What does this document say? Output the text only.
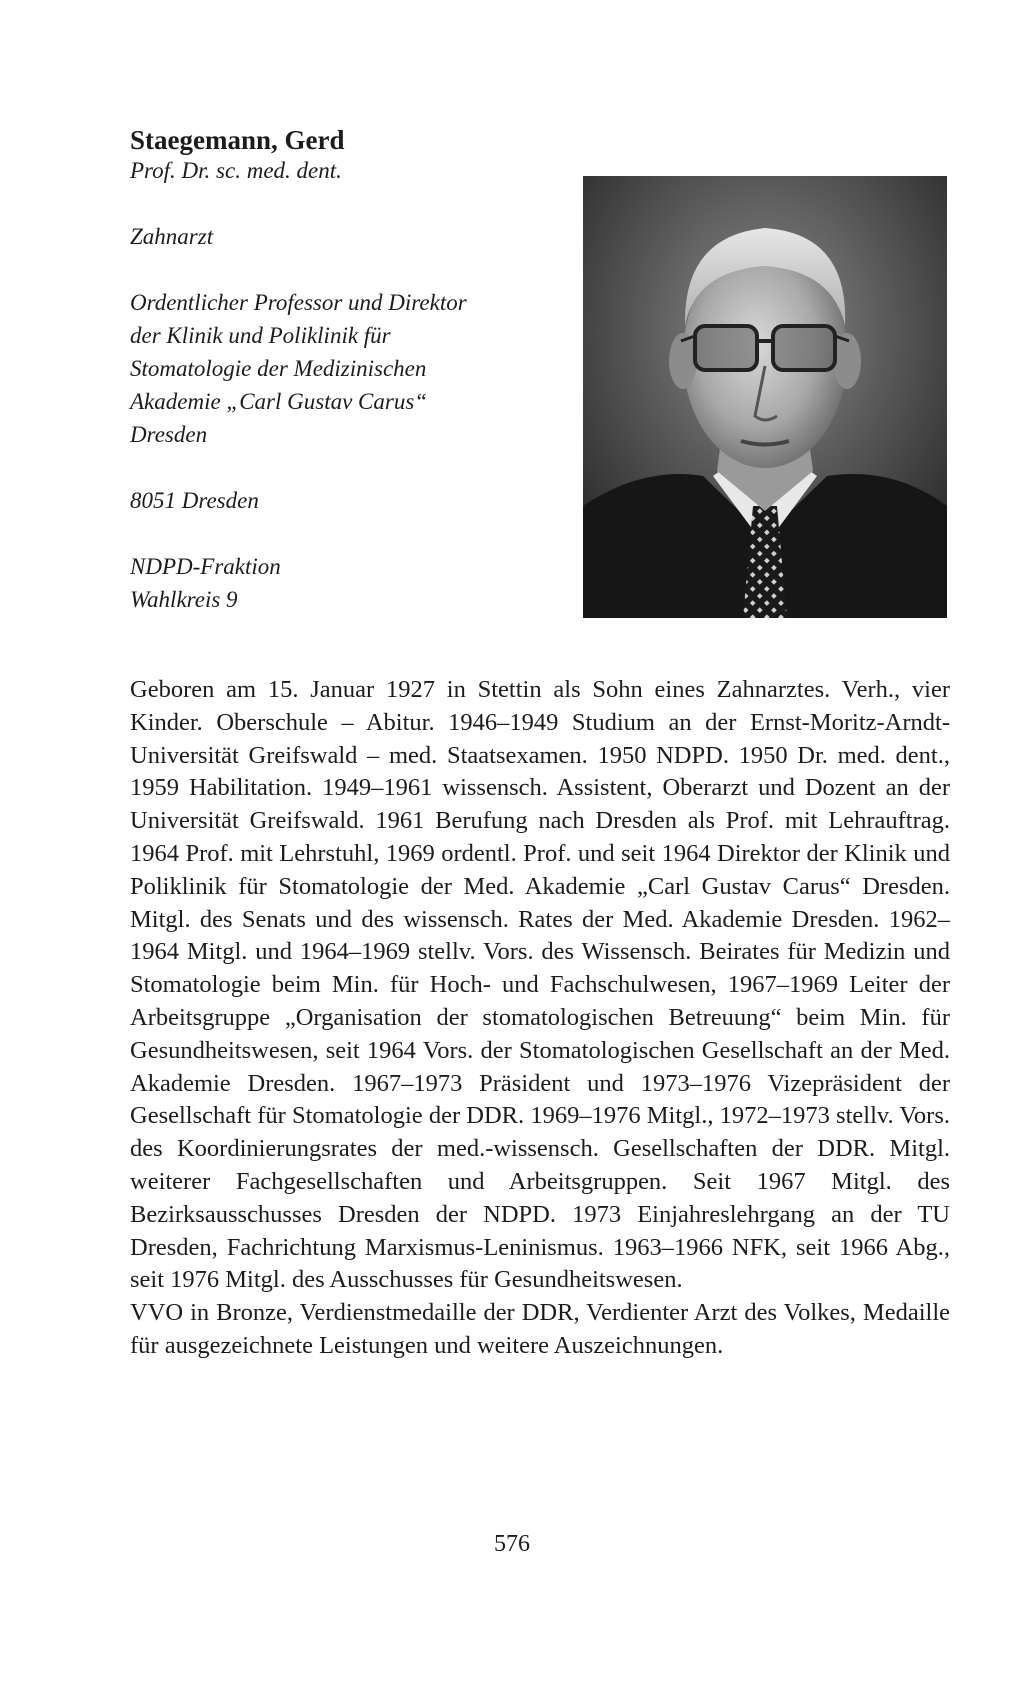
Staegemann, Gerd

Prof. Dr. sc. med. dent.

Zahnarzt

Ordentlicher Professor und Direktor

der Klinik und Poliklinik für

Stomatologie der Medizinischen

Akademie „Carl Gustav Carus“

Dresden

8051 Dresden

NDPD-Fraktion

Wahlkreis 9

Geboren am 15. Januar 1927 in Stettin als Sohn eines Zahnarztes. Verh., vier Kinder. Oberschule – Abitur. 1946–1949 Studium an der Ernst-Moritz-Arndt-Universität Greifswald – med. Staatsexamen. 1950 NDPD. 1950 Dr. med. dent., 1959 Habilitation. 1949–1961 wissensch. Assistent, Oberarzt und Dozent an der Universität Greifswald. 1961 Berufung nach Dresden als Prof. mit Lehrauftrag. 1964 Prof. mit Lehrstuhl, 1969 ordentl. Prof. und seit 1964 Direktor der Klinik und Poliklinik für Stomatologie der Med. Akademie „Carl Gustav Carus“ Dresden. Mitgl. des Senats und des wissensch. Rates der Med. Akademie Dresden. 1962–1964 Mitgl. und 1964–1969 stellv. Vors. des Wissensch. Beirates für Medizin und Stomatologie beim Min. für Hoch- und Fachschulwesen, 1967–1969 Leiter der Arbeitsgruppe „Organisation der stomatologischen Betreuung“ beim Min. für Gesundheitswesen, seit 1964 Vors. der Stomatologischen Gesellschaft an der Med. Akademie Dresden. 1967–1973 Präsident und 1973–1976 Vizepräsident der Gesellschaft für Stomatologie der DDR. 1969–1976 Mitgl., 1972–1973 stellv. Vors. des Koordinierungsrates der med.-wissensch. Gesellschaften der DDR. Mitgl. weiterer Fachgesellschaften und Arbeitsgruppen. Seit 1967 Mitgl. des Bezirksausschusses Dresden der NDPD. 1973 Einjahreslehrgang an der TU Dresden, Fachrichtung Marxismus-Leninismus. 1963–1966 NFK, seit 1966 Abg., seit 1976 Mitgl. des Ausschusses für Gesundheitswesen.

VVO in Bronze, Verdienstmedaille der DDR, Verdienter Arzt des Volkes, Medaille für ausgezeichnete Leistungen und weitere Auszeichnungen.

576
